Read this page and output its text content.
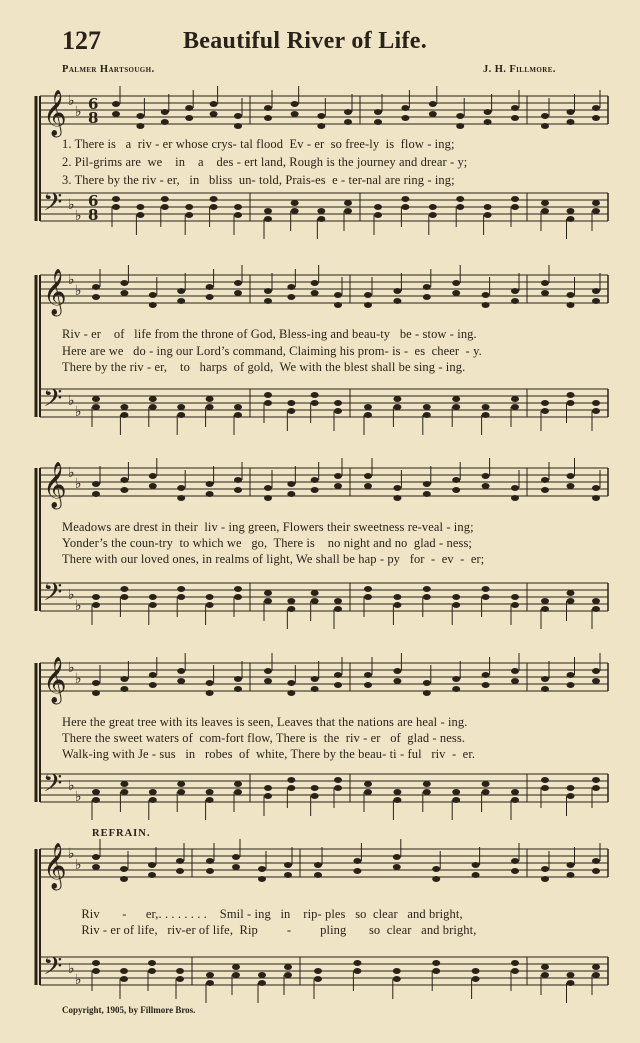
127	Beautiful River of Life.
Palmer Hartsough.	J. H. Fillmore.
𝄞 ♭
♭
𝄢 ♭
♭
6
8
6
8
𝄞 ♭
♭
𝄢 ♭
♭
𝄞 ♭
♭
𝄢 ♭
♭
𝄞 ♭
♭
𝄢 ♭
♭
𝄞 ♭
♭
𝄢 ♭
♭
1. There is   a  riv - er whose crys- tal flood  Ev - er  so free-ly  is  flow - ing;
2. Pil-grims are  we    in    a    des - ert land, Rough is the journey and drear - y;
3. There by the riv - er,   in   bliss  un- told, Prais-es  e - ter-nal are ring - ing;
Riv - er    of   life from the throne of God, Bless-ing and beau-ty   be - stow - ing.
Here are we   do - ing our Lord’s command, Claiming his prom- is -  es  cheer  - y.
There by the riv - er,    to   harps  of gold,  We with the blest shall be sing - ing.
Meadows are drest in their  liv - ing green, Flowers their sweetness re-veal - ing;
Yonder’s the coun-try  to which we   go,  There is    no night and no  glad - ness;
There with our loved ones, in realms of light, We shall be hap - py   for  -  ev  -  er;
Here the great tree with its leaves is seen, Leaves that the nations are heal - ing.
There the sweet waters of  com-fort flow, There is  the  riv - er   of  glad - ness.
Walk-ing with Je - sus   in   robes  of  white, There by the beau- ti - ful   riv  -  er.
REFRAIN.
Riv       -      er,. . . . . . . .    Smil - ing   in    rip- ples   so  clear   and bright,
Riv - er of life,   riv-er of life,  Rip         -         pling       so  clear   and bright,
Copyright, 1905, by Fillmore Bros.
